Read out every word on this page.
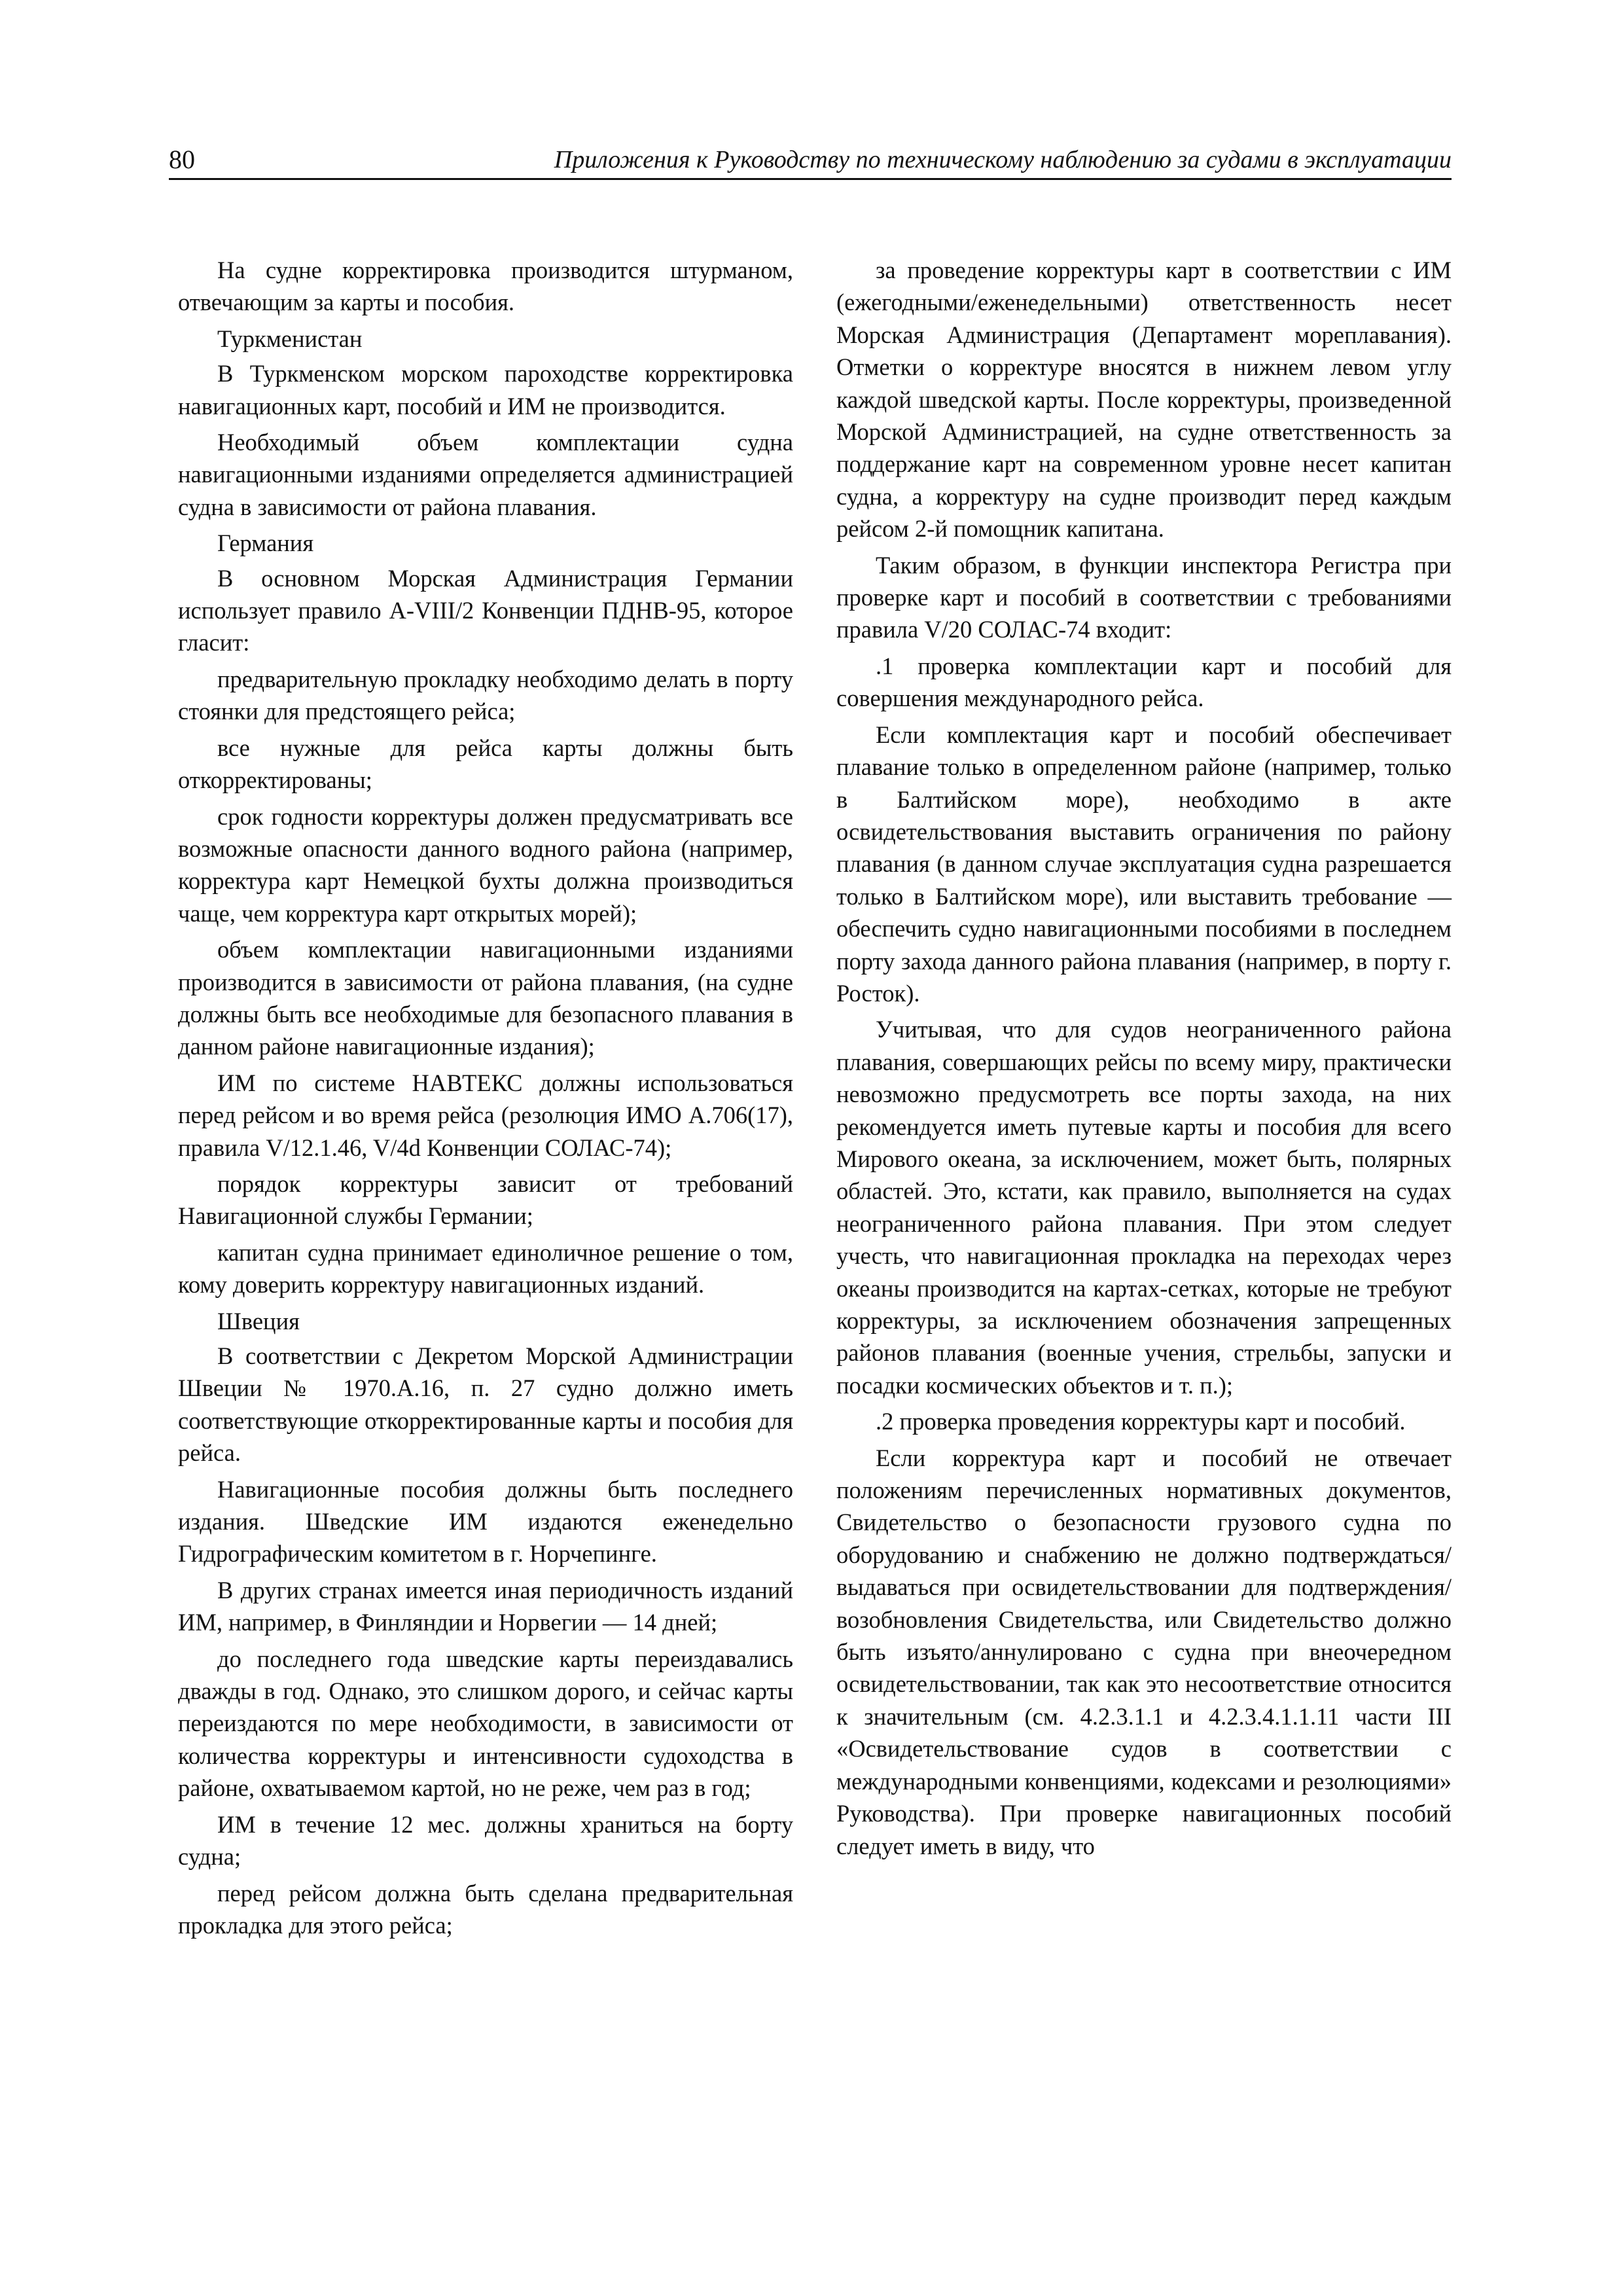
80	Приложения к Руководству по техническому наблюдению за судами в эксплуатации

На судне корректировка производится штурманом, отвечающим за карты и пособия.

Туркменистан

В Туркменском морском пароходстве корректировка навигационных карт, пособий и ИМ не производится.

Необходимый объем комплектации судна навигационными изданиями определяется администрацией судна в зависимости от района плавания.

Германия

В основном Морская Администрация Германии использует правило A-VIII/2 Конвенции ПДНВ-95, которое гласит:

предварительную прокладку необходимо делать в порту стоянки для предстоящего рейса;

все нужные для рейса карты должны быть откорректированы;

срок годности корректуры должен предусматривать все возможные опасности данного водного района (например, корректура карт Немецкой бухты должна производиться чаще, чем корректура карт открытых морей);

объем комплектации навигационными изданиями производится в зависимости от района плавания, (на судне должны быть все необходимые для безопасного плавания в данном районе навигационные издания);

ИМ по системе НАВТЕКС должны использоваться перед рейсом и во время рейса (резолюция ИМО А.706(17), правила V/12.1.46, V/4d Конвенции СОЛАС-74);

порядок корректуры зависит от требований Навигационной службы Германии;

капитан судна принимает единоличное решение о том, кому доверить корректуру навигационных изданий.

Швеция

В соответствии с Декретом Морской Администрации Швеции № 1970.A.16, п. 27 судно должно иметь соответствующие откорректированные карты и пособия для рейса.

Навигационные пособия должны быть последнего издания. Шведские ИМ издаются еженедельно Гидрографическим комитетом в г. Норчепинге.

В других странах имеется иная периодичность изданий ИМ, например, в Финляндии и Норвегии — 14 дней;

до последнего года шведские карты переиздавались дважды в год. Однако, это слишком дорого, и сейчас карты переиздаются по мере необходимости, в зависимости от количества корректуры и интенсивности судоходства в районе, охватываемом картой, но не реже, чем раз в год;

ИМ в течение 12 мес. должны храниться на борту судна;

перед рейсом должна быть сделана предварительная прокладка для этого рейса;

за проведение корректуры карт в соответствии с ИМ (ежегодными/еженедельными) ответственность несет Морская Администрация (Департамент мореплавания). Отметки о корректуре вносятся в нижнем левом углу каждой шведской карты. После корректуры, произведенной Морской Администрацией, на судне ответственность за поддержание карт на современном уровне несет капитан судна, а корректуру на судне производит перед каждым рейсом 2-й помощник капитана.

Таким образом, в функции инспектора Регистра при проверке карт и пособий в соответствии с требованиями правила V/20 СОЛАС-74 входит:

.1 проверка комплектации карт и пособий для совершения международного рейса.

Если комплектация карт и пособий обеспечивает плавание только в определенном районе (например, только в Балтийском море), необходимо в акте освидетельствования выставить ограничения по району плавания (в данном случае эксплуатация судна разрешается только в Балтийском море), или выставить требование — обеспечить судно навигационными пособиями в последнем порту захода данного района плавания (например, в порту г. Росток).

Учитывая, что для судов неограниченного района плавания, совершающих рейсы по всему миру, практически невозможно предусмотреть все порты захода, на них рекомендуется иметь путевые карты и пособия для всего Мирового океана, за исключением, может быть, полярных областей. Это, кстати, как правило, выполняется на судах неограниченного района плавания. При этом следует учесть, что навигационная прокладка на переходах через океаны производится на картах-сетках, которые не требуют корректуры, за исключением обозначения запрещенных районов плавания (военные учения, стрельбы, запуски и посадки космических объектов и т. п.);

.2 проверка проведения корректуры карт и пособий.

Если корректура карт и пособий не отвечает положениям перечисленных нормативных документов, Свидетельство о безопасности грузового судна по оборудованию и снабжению не должно подтверждаться/выдаваться при освидетельствовании для подтверждения/возобновления Свидетельства, или Свидетельство должно быть изъято/аннулировано с судна при внеочередном освидетельствовании, так как это несоответствие относится к значительным (см. 4.2.3.1.1 и 4.2.3.4.1.1.11 части III «Освидетельствование судов в соответствии с международными конвенциями, кодексами и резолюциями» Руководства). При проверке навигационных пособий следует иметь в виду, что
